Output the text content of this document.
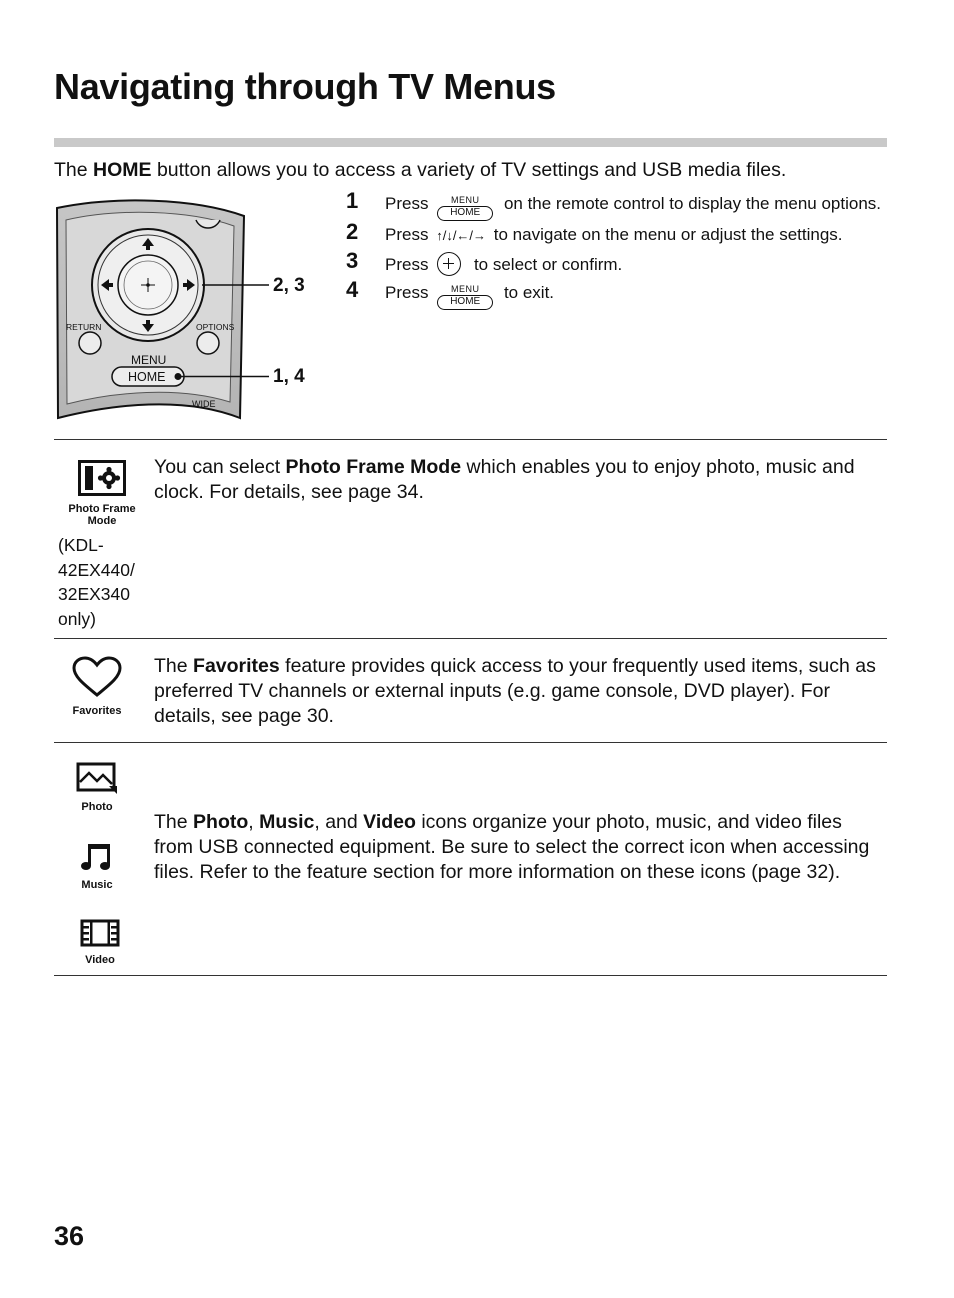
Navigating through TV Menus

The HOME button allows you to access a variety of TV settings and USB media files.

RETURN	OPTIONS
MENU
HOME
WIDE
2, 3
1, 4
1 Press	MENU
HOME	on the remote control to display the menu options.
2 Press ↑/↓/←/→ to navigate on the menu or adjust the settings.
3 Press	to select or confirm.
4 Press	MENU
HOME	to exit.
Photo Frame
Mode

You can select Photo Frame Mode which enables you to enjoy photo, music and clock. For details, see page 34.

(KDL-42EX440/ 32EX340 only)

Favorites

The Favorites feature provides quick access to your frequently used items, such as preferred TV channels or external inputs (e.g. game console, DVD player). For details, see page 30.

Photo
Music
Video

The Photo, Music, and Video icons organize your photo, music, and video files from USB connected equipment. Be sure to select the correct icon when accessing files. Refer to the feature section for more information on these icons (page 32).

36
